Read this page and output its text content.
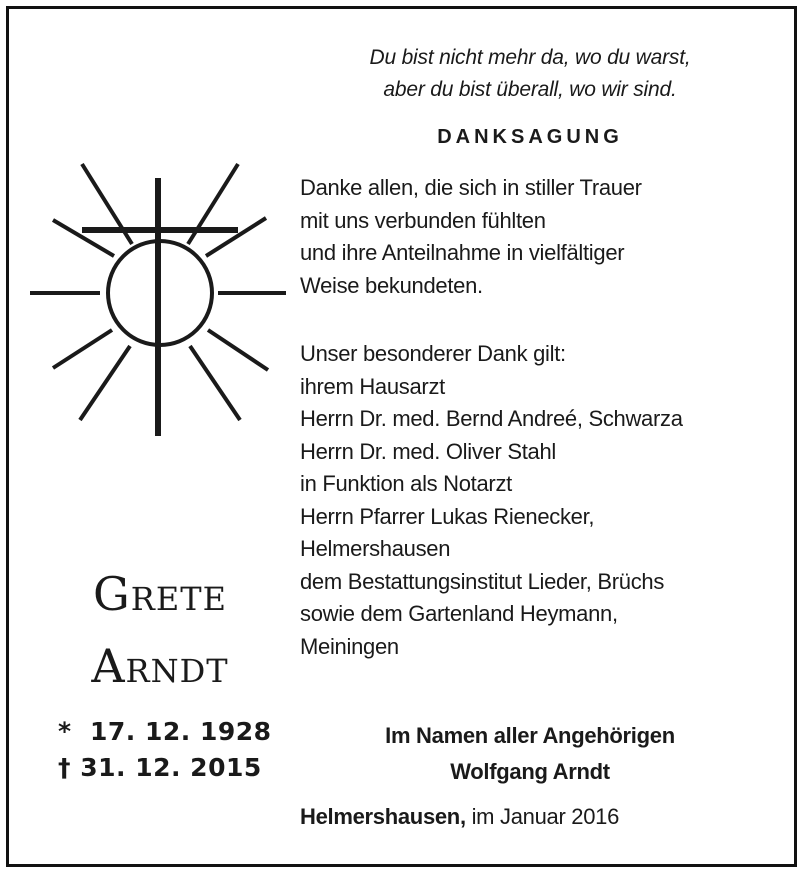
Du bist nicht mehr da, wo du warst,
aber du bist überall, wo wir sind.
DANKSAGUNG
Danke allen, die sich in stiller Trauer
mit uns verbunden fühlten
und ihre Anteilnahme in vielfältiger
Weise bekundeten.
Unser besonderer Dank gilt:
ihrem Hausarzt
Herrn Dr. med. Bernd Andreé, Schwarza
Herrn Dr. med. Oliver Stahl
in Funktion als Notarzt
Herrn Pfarrer Lukas Rienecker,
Helmershausen
dem Bestattungsinstitut Lieder, Brüchs
sowie dem Gartenland Heymann,
Meiningen
Grete
Arndt
*  17. 12. 1928
† 31. 12. 2015
Im Namen aller Angehörigen
Wolfgang Arndt
Helmershausen, im Januar 2016
